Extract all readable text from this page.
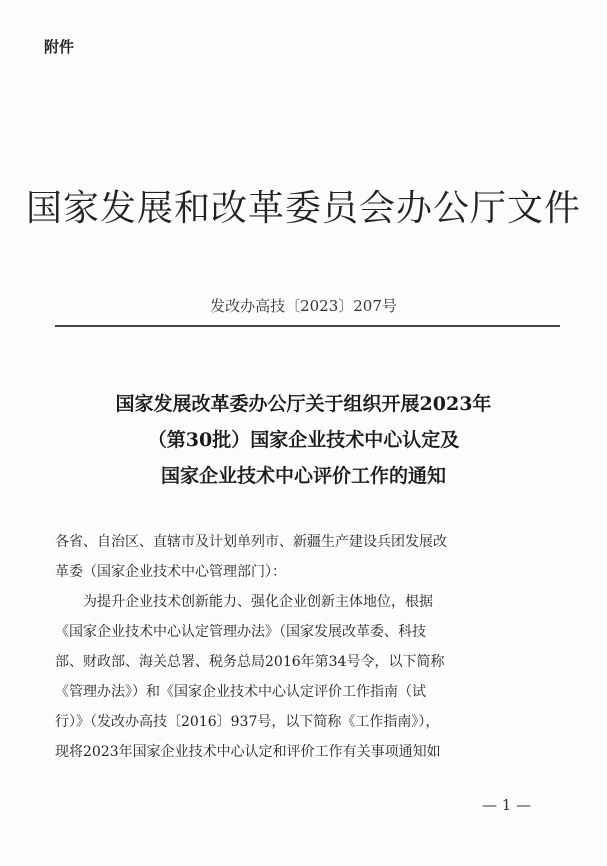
附件
国家发展和改革委员会办公厅文件
发改办高技〔2023〕207号
国家发展改革委办公厅关于组织开展2023年
（第30批）国家企业技术中心认定及
国家企业技术中心评价工作的通知

各省、自治区、直辖市及计划单列市、新疆生产建设兵团发展改

革委（国家企业技术中心管理部门）：

为提升企业技术创新能力、强化企业创新主体地位，根据

《国家企业技术中心认定管理办法》（国家发展改革委、科技

部、财政部、海关总署、税务总局2016年第34号令，以下简称

《管理办法》）和《国家企业技术中心认定评价工作指南（试

行）》（发改办高技〔2016〕937号，以下简称《工作指南》），

现将2023年国家企业技术中心认定和评价工作有关事项通知如

— 1 —
